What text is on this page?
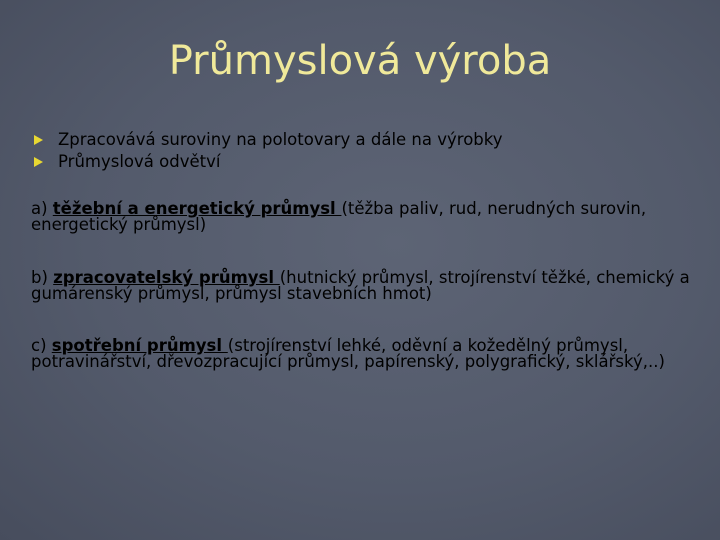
Průmyslová výroba
Zpracovává suroviny na polotovary a dále na výrobky
Průmyslová odvětví

a) těžební a energetický průmysl (těžba paliv, rud, nerudných surovin, energetický průmysl)

b) zpracovatelský průmysl (hutnický průmysl, strojírenství těžké, chemický a gumárenský průmysl, průmysl stavebních hmot)

c) spotřební průmysl (strojírenství lehké, oděvní a kožedělný průmysl, potravinářství, dřevozpracující průmysl, papírenský, polygrafický, sklářský,..)
